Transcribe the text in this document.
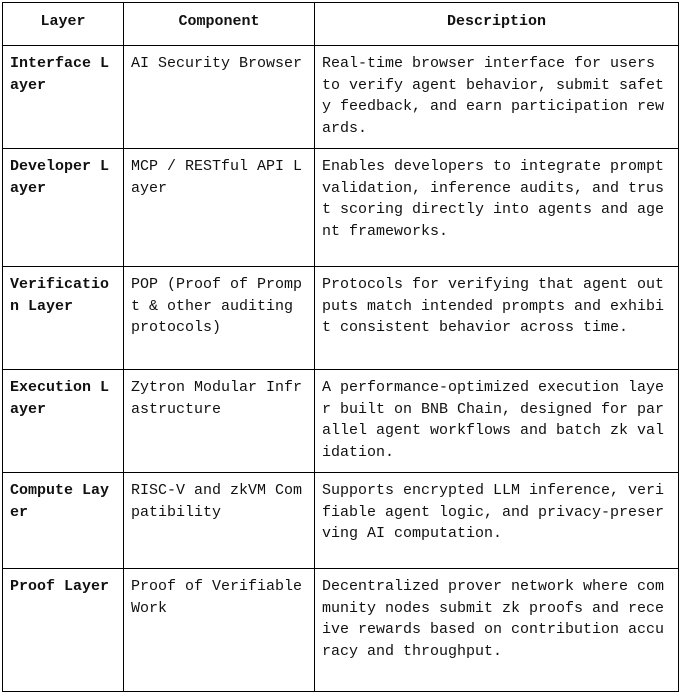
Layer	Component	Description
Interface Layer	AI Security Browser	Real-time browser interface for users to verify agent behavior, submit safety feedback, and earn participation rewards.
Developer Layer	MCP / RESTful API Layer	Enables developers to integrate prompt validation, inference audits, and trust scoring directly into agents and agent frameworks.
Verification Layer	POP (Proof of Prompt & other auditing protocols)	Protocols for verifying that agent outputs match intended prompts and exhibit consistent behavior across time.
Execution Layer	Zytron Modular Infrastructure	A performance-optimized execution layer built on BNB Chain, designed for parallel agent workflows and batch zk validation.
Compute Layer	RISC-V and zkVM Compatibility	Supports encrypted LLM inference, verifiable agent logic, and privacy-preserving AI computation.
Proof Layer	Proof of Verifiable Work	Decentralized prover network where community nodes submit zk proofs and receive rewards based on contribution accuracy and throughput.
